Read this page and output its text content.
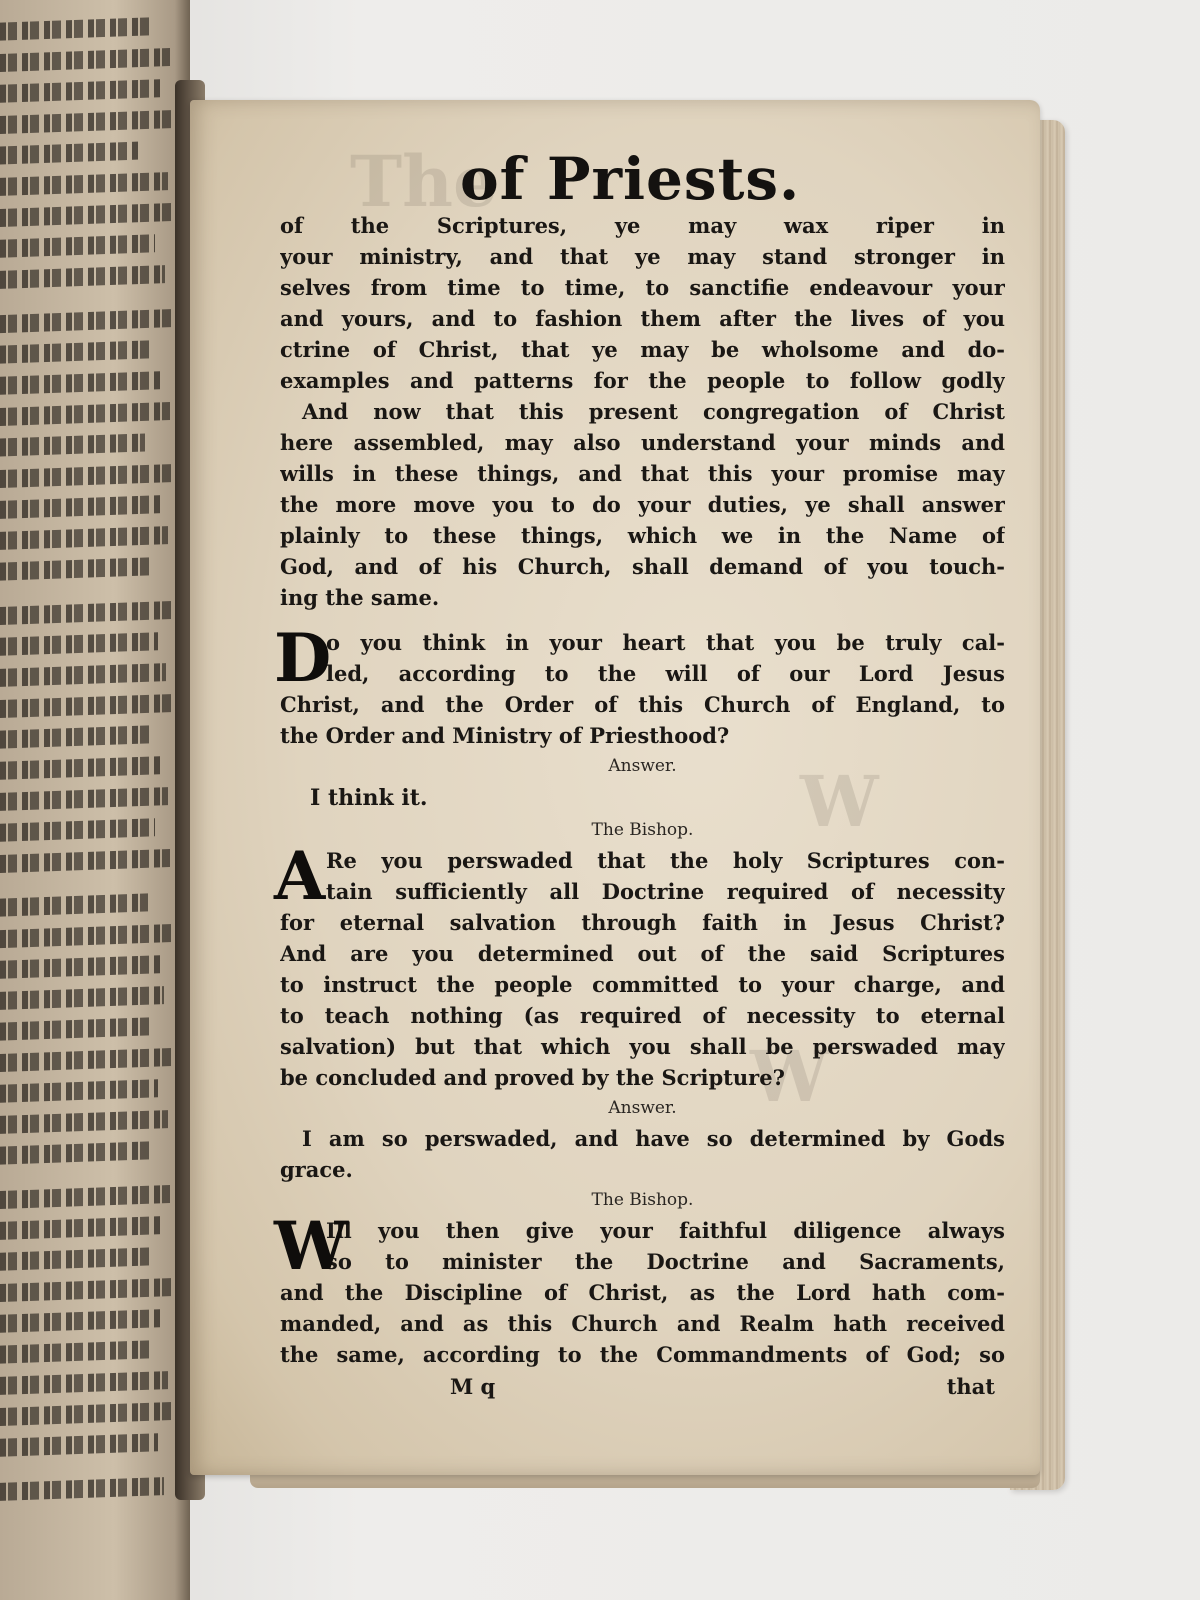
The
W
W
of Priests.
of the Scriptures, ye may wax riper in
your ministry, and that ye may stand stronger in
selves from time to time, to sanctifie endeavour your
and yours, and to fashion them after the lives of you
ctrine of Christ, that ye may be wholsome and do-
examples and patterns for the people to follow godly
And now that this present congregation of Christ
here assembled, may also understand your minds and
wills in these things, and that this your promise may
the more move you to do your duties, ye shall answer
plainly to these things, which we in the Name of
God, and of his Church, shall demand of you touch-
ing the same.
D
o you think in your heart that you be truly cal-
led, according to the will of our Lord Jesus
Christ, and the Order of this Church of England, to
the Order and Ministry of Priesthood?
Answer.
I think it.
The Bishop.
A Re you perswaded that the holy Scriptures con-
tain sufficiently all Doctrine required of necessity
for eternal salvation through faith in Jesus Christ?
And are you determined out of the said Scriptures
to instruct the people committed to your charge, and
to teach nothing (as required of necessity to eternal
salvation) but that which you shall be perswaded may
be concluded and proved by the Scripture?
Answer.
I am so perswaded, and have so determined by Gods
grace.
The Bishop.
W
Ill you then give your faithful diligence always
so to minister the Doctrine and Sacraments,
and the Discipline of Christ, as the Lord hath com-
manded, and as this Church and Realm hath received
the same, according to the Commandments of God; so
M q	that
